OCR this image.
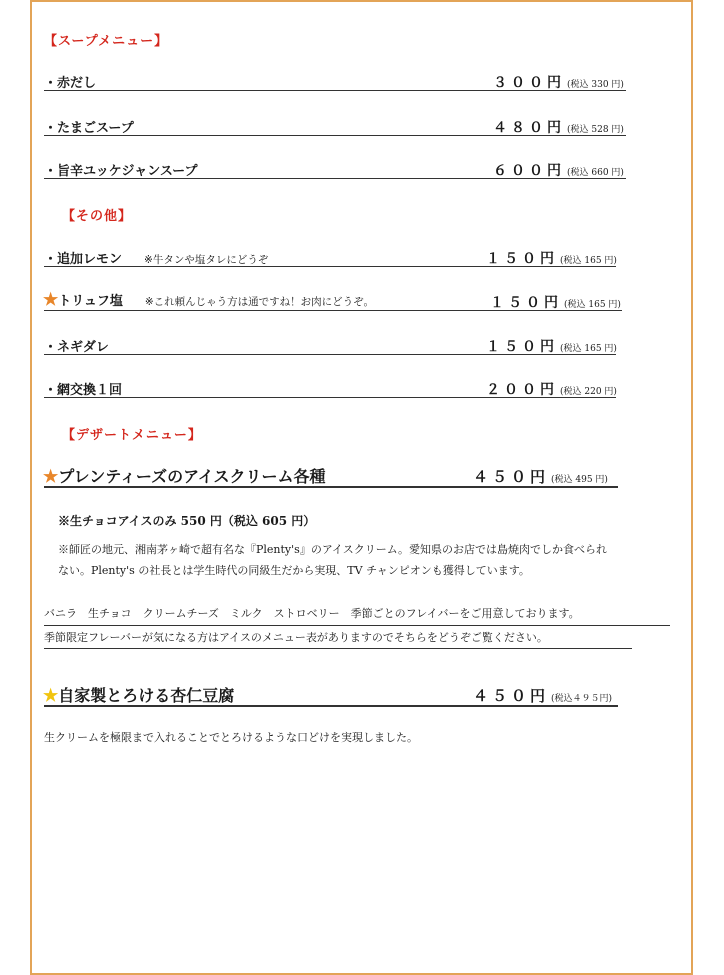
【スープメニュー】
・赤だし	３００円 (税込 330 円)
・たまごスープ	４８０円 (税込 528 円)
・旨辛ユッケジャンスープ	６００円 (税込 660 円)
【その他】
・追加レモン ※牛タンや塩タレにどうぞ	１５０円 (税込 165 円)
★トリュフ塩 ※これ頼んじゃう方は通ですね！お肉にどうぞ。	１５０円 (税込 165 円)
・ネギダレ	１５０円 (税込 165 円)
・網交換１回	２００円 (税込 220 円)
【デザートメニュー】
★プレンティーズのアイスクリーム各種	４５０円 (税込 495 円)
※生チョコアイスのみ 550 円（税込 605 円）
※師匠の地元、湘南茅ヶ崎で超有名な『Plenty's』のアイスクリーム。愛知県のお店では島焼肉でしか食べられ
ない。Plenty's の社長とは学生時代の同級生だから実現、TV チャンピオンも獲得しています。
バニラ　生チョコ　クリームチーズ　ミルク　ストロベリー　季節ごとのフレイバーをご用意しております。
季節限定フレーバーが気になる方はアイスのメニュー表がありますのでそちらをどうぞご覧ください。
★自家製とろける杏仁豆腐	４５０円 (税込４９５円)
生クリームを極限まで入れることでとろけるような口どけを実現しました。
